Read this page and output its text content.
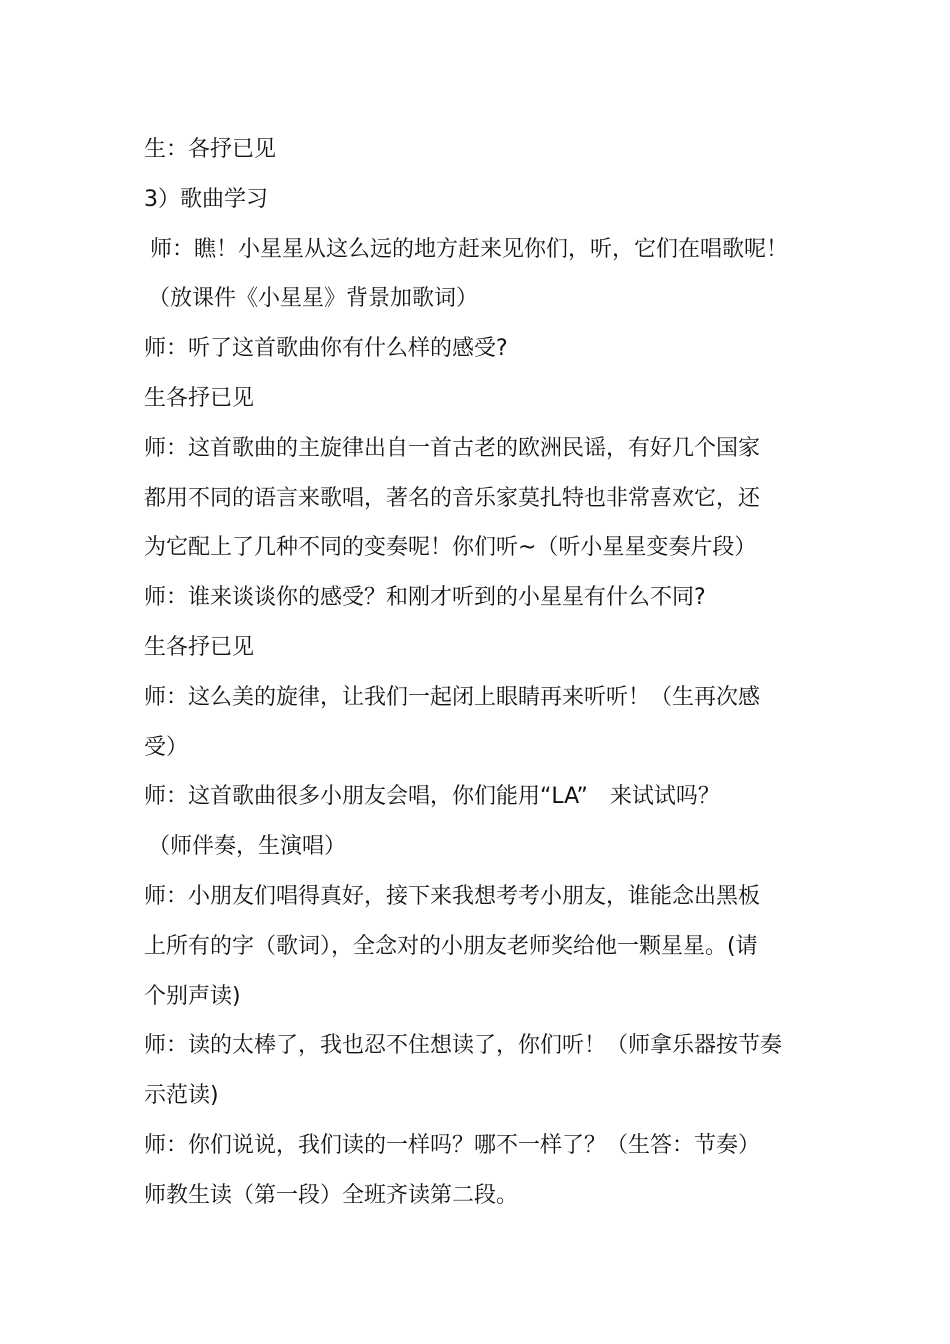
生：各抒已见
3）歌曲学习
师：瞧！小星星从这么远的地方赶来见你们，听，它们在唱歌呢！
（放课件《小星星》背景加歌词）
师：听了这首歌曲你有什么样的感受?
生各抒已见
师：这首歌曲的主旋律出自一首古老的欧洲民谣，有好几个国家
都用不同的语言来歌唱，著名的音乐家莫扎特也非常喜欢它，还
为它配上了几种不同的变奏呢！你们听~（听小星星变奏片段）
师：谁来谈谈你的感受？和刚才听到的小星星有什么不同?
生各抒已见
师：这么美的旋律，让我们一起闭上眼睛再来听听！（生再次感
受）
师：这首歌曲很多小朋友会唱，你们能用“LA”　来试试吗？
（师伴奏，生演唱）
师：小朋友们唱得真好，接下来我想考考小朋友，谁能念出黑板
上所有的字（歌词），全念对的小朋友老师奖给他一颗星星。(请
个别声读)
师：读的太棒了，我也忍不住想读了，你们听！（师拿乐器按节奏
示范读)
师：你们说说，我们读的一样吗？哪不一样了？（生答：节奏）
师教生读（第一段）全班齐读第二段。
